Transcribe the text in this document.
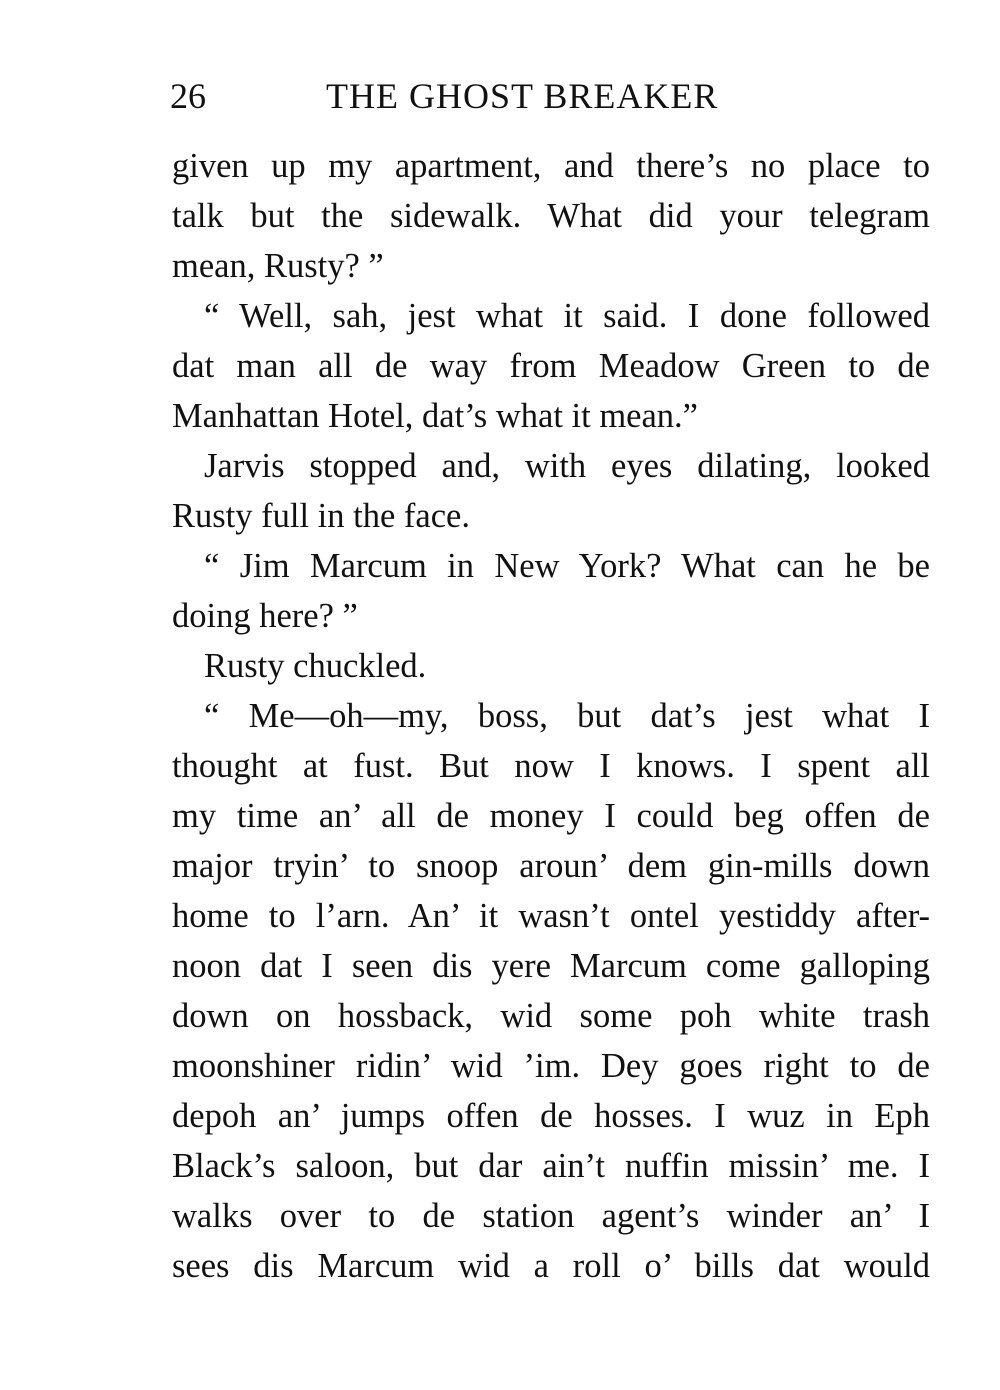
26	THE GHOST BREAKER
given up my apartment, and there’s no place to
talk but the sidewalk. What did your telegram
mean, Rusty? ”
“ Well, sah, jest what it said. I done followed
dat man all de way from Meadow Green to de
Manhattan Hotel, dat’s what it mean.”
Jarvis stopped and, with eyes dilating, looked
Rusty full in the face.
“ Jim Marcum in New York? What can he be
doing here? ”
Rusty chuckled.
“ Me—oh—my, boss, but dat’s jest what I
thought at fust. But now I knows. I spent all
my time an’ all de money I could beg offen de
major tryin’ to snoop aroun’ dem gin-mills down
home to l’arn. An’ it wasn’t ontel yestiddy after-
noon dat I seen dis yere Marcum come galloping
down on hossback, wid some poh white trash
moonshiner ridin’ wid ’im. Dey goes right to de
depoh an’ jumps offen de hosses. I wuz in Eph
Black’s saloon, but dar ain’t nuffin missin’ me. I
walks over to de station agent’s winder an’ I
sees dis Marcum wid a roll o’ bills dat would
